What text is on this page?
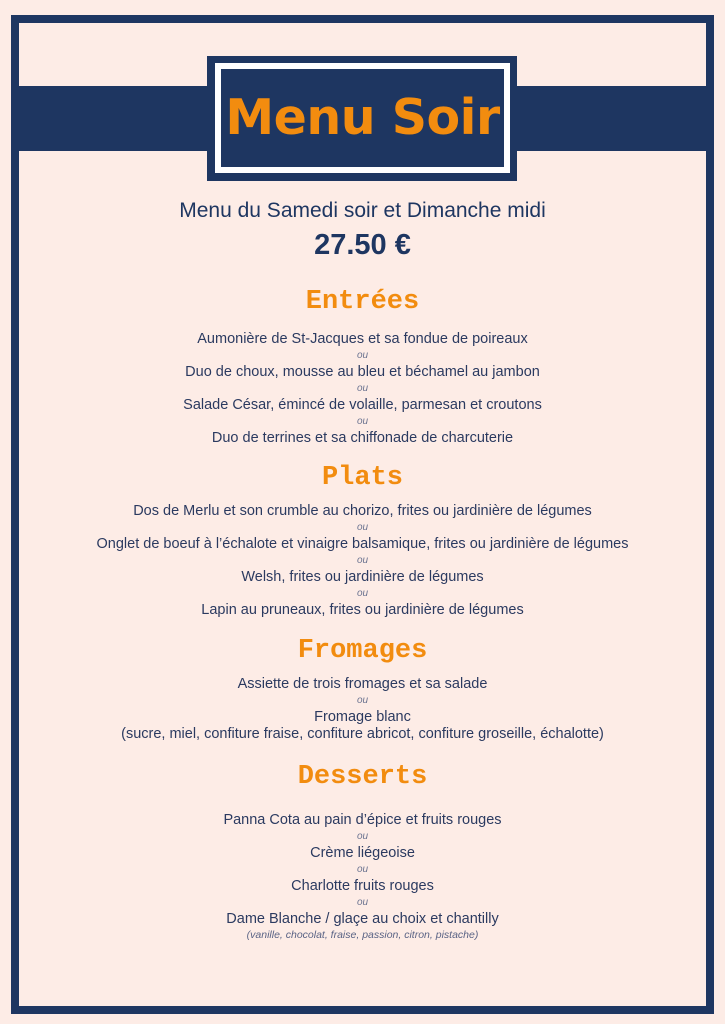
Menu Soir
Menu du Samedi soir et Dimanche midi
27.50 €
Entrées
Aumonière de St-Jacques et sa fondue de poireaux
ou
Duo de choux, mousse au bleu et béchamel au jambon
ou
Salade César, émincé de volaille, parmesan et croutons
ou
Duo de terrines et sa chiffonade de charcuterie
Plats
Dos de Merlu et son crumble au chorizo, frites ou jardinière de légumes
ou
Onglet de boeuf à l’échalote et vinaigre balsamique, frites ou jardinière de légumes
ou
Welsh, frites ou jardinière de légumes
ou
Lapin au pruneaux, frites ou jardinière de légumes
Fromages
Assiette de trois fromages et sa salade
ou
Fromage blanc
(sucre, miel, confiture fraise, confiture abricot, confiture groseille, échalotte)
Desserts
Panna Cota au pain d’épice et fruits rouges
ou
Crème liégeoise
ou
Charlotte fruits rouges
ou
Dame Blanche / glaçe au choix et chantilly
(vanille, chocolat, fraise, passion, citron, pistache)
